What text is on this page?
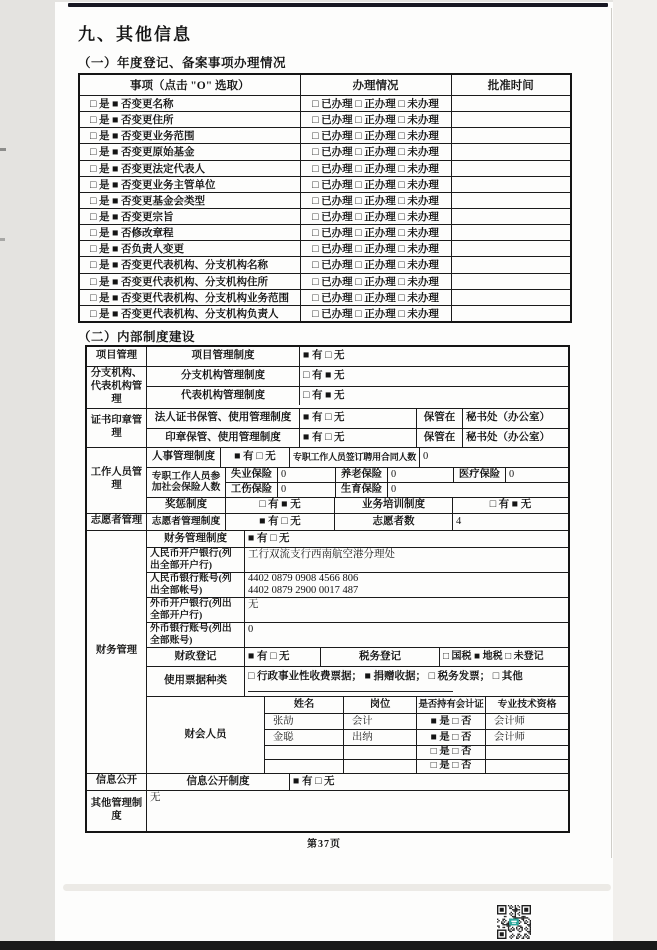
九、其他信息
（一）年度登记、备案事项办理情况
事项（点击 "O" 选取）	办理情况	批准时间
□ 是 ■ 否变更名称	□ 已办理 □ 正办理 □ 未办理	
□ 是 ■ 否变更住所	□ 已办理 □ 正办理 □ 未办理	
□ 是 ■ 否变更业务范围	□ 已办理 □ 正办理 □ 未办理	
□ 是 ■ 否变更原始基金	□ 已办理 □ 正办理 □ 未办理	
□ 是 ■ 否变更法定代表人	□ 已办理 □ 正办理 □ 未办理	
□ 是 ■ 否变更业务主管单位	□ 已办理 □ 正办理 □ 未办理	
□ 是 ■ 否变更基金会类型	□ 已办理 □ 正办理 □ 未办理	
□ 是 ■ 否变更宗旨	□ 已办理 □ 正办理 □ 未办理	
□ 是 ■ 否修改章程	□ 已办理 □ 正办理 □ 未办理	
□ 是 ■ 否负责人变更	□ 已办理 □ 正办理 □ 未办理	
□ 是 ■ 否变更代表机构、分支机构名称	□ 已办理 □ 正办理 □ 未办理	
□ 是 ■ 否变更代表机构、分支机构住所	□ 已办理 □ 正办理 □ 未办理	
□ 是 ■ 否变更代表机构、分支机构业务范围	□ 已办理 □ 正办理 □ 未办理	
□ 是 ■ 否变更代表机构、分支机构负责人	□ 已办理 □ 正办理 □ 未办理	
（二）内部制度建设
项目管理	项目管理制度	■ 有 □ 无
分支机构、代表机构管理
分支机构管理制度	□ 有 ■ 无
代表机构管理制度	□ 有 ■ 无
证书印章管理
法人证书保管、使用管理制度	■ 有 □ 无	保管在	秘书处（办公室）
印章保管、使用管理制度	■ 有 □ 无	保管在	秘书处（办公室）
工作人员管理
人事管理制度	■ 有 □ 无	专职工作人员签订聘用合同人数 0
专职工作人员参加社会保险人数
失业保险 0	养老保险 0	医疗保险 0
工伤保险 0	生育保险 0
奖惩制度	□ 有 ■ 无	业务培训制度	□ 有 ■ 无
志愿者管理 志愿者管理制度	■ 有 □ 无	志愿者数	4
财务管理
财务管理制度	■ 有 □ 无
人民币开户银行(列出全部开户行)
工行双流支行西南航空港分理处
人民币银行账号(列出全部帐号)
4402 0879 0908 4566 806
4402 0879 2900 0017 487
外币开户银行(列出全部开户行)
无
外币银行账号(列出全部账号)
0
财政登记	■ 有 □ 无	税务登记	□ 国税 ■ 地税 □ 未登记
使用票据种类	□ 行政事业性收费票据； ■ 捐赠收据； □ 税务发票； □ 其他
财会人员
姓名	岗位	是否持有会计证	专业技术资格
张劼	会计	■ 是 □ 否	会计师
金聪	出纳	■ 是 □ 否	会计师
□ 是 □ 否
□ 是 □ 否
信息公开	信息公开制度	■ 有 □ 无
其他管理制度
无
第37页
